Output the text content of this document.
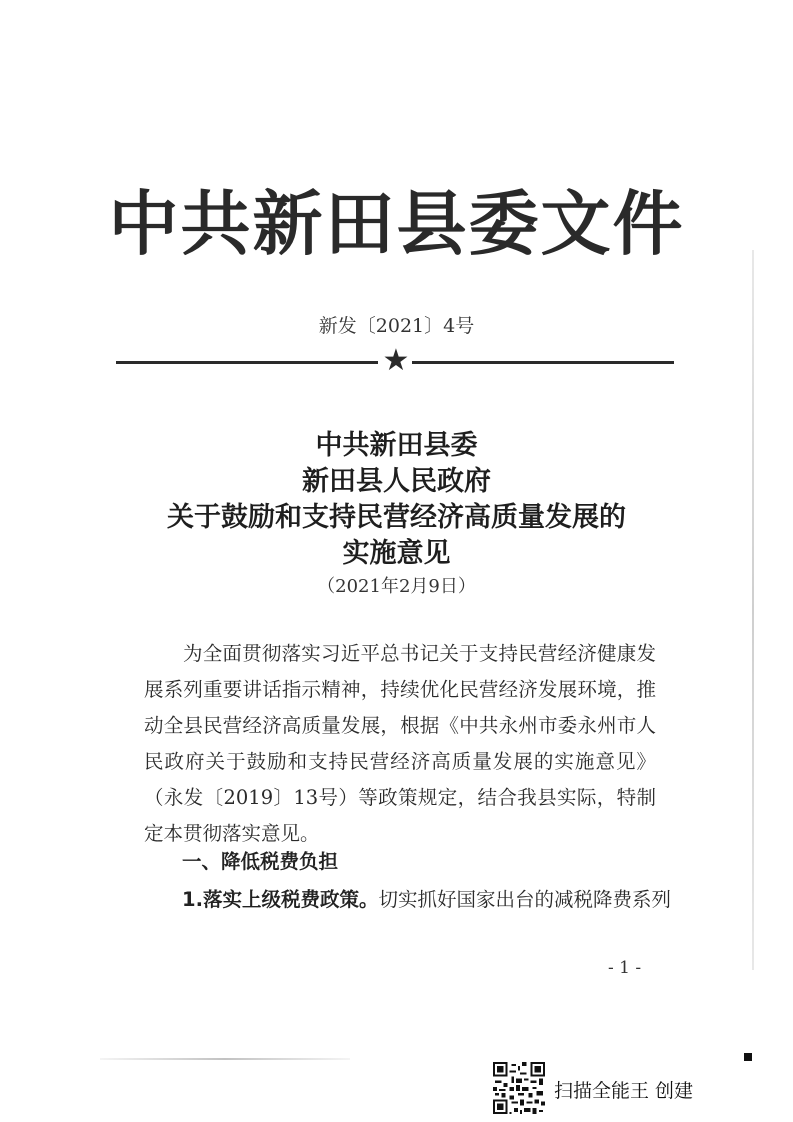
中共新田县委文件
新发〔2021〕4号
★
中共新田县委
新田县人民政府
关于鼓励和支持民营经济高质量发展的
实施意见
（2021年2月9日）

为全面贯彻落实习近平总书记关于支持民营经济健康发展系列重要讲话指示精神，持续优化民营经济发展环境，推动全县民营经济高质量发展，根据《中共永州市委永州市人民政府关于鼓励和支持民营经济高质量发展的实施意见》（永发〔2019〕13号）等政策规定，结合我县实际，特制定本贯彻落实意见。

一、降低税费负担
1.落实上级税费政策。切实抓好国家出台的减税降费系列
- 1 -
扫描全能王 创建
